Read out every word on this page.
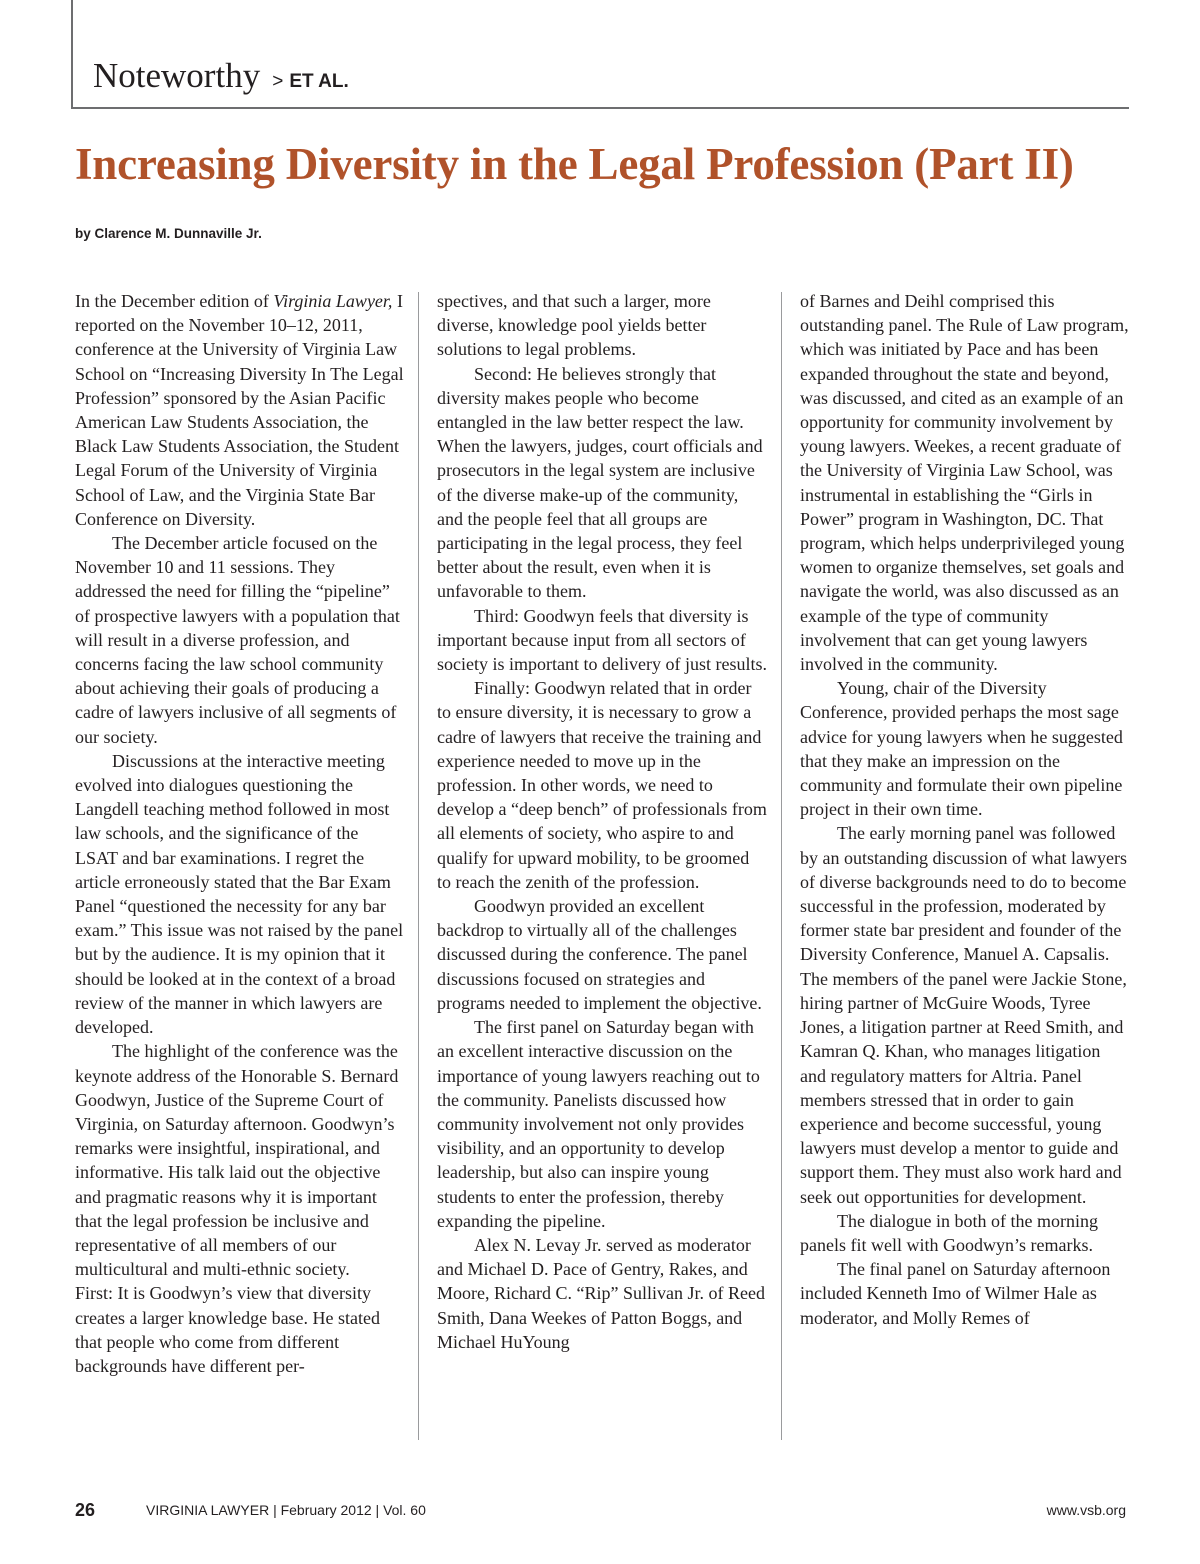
Noteworthy > ET AL.
Increasing Diversity in the Legal Profession (Part II)
by Clarence M. Dunnaville Jr.

In the December edition of Virginia Lawyer, I reported on the November 10–12, 2011, conference at the University of Virginia Law School on “Increasing Diversity In The Legal Profession” sponsored by the Asian Pacific American Law Students Association, the Black Law Students Association, the Student Legal Forum of the University of Virginia School of Law, and the Virginia State Bar Conference on Diversity.

The December article focused on the November 10 and 11 sessions. They addressed the need for filling the “pipeline” of prospective lawyers with a population that will result in a diverse profession, and concerns facing the law school community about achieving their goals of producing a cadre of lawyers inclusive of all segments of our society.

Discussions at the interactive meeting evolved into dialogues questioning the Langdell teaching method followed in most law schools, and the significance of the LSAT and bar examinations. I regret the article erroneously stated that the Bar Exam Panel “questioned the necessity for any bar exam.” This issue was not raised by the panel but by the audience. It is my opinion that it should be looked at in the context of a broad review of the manner in which lawyers are developed.

The highlight of the conference was the keynote address of the Honorable S. Bernard Goodwyn, Justice of the Supreme Court of Virginia, on Saturday afternoon. Goodwyn’s remarks were insightful, inspirational, and informative. His talk laid out the objective and pragmatic reasons why it is important that the legal profession be inclusive and representative of all members of our multicultural and multi-ethnic society.

First: It is Goodwyn’s view that diversity creates a larger knowledge base. He stated that people who come from different backgrounds have different per-

spectives, and that such a larger, more diverse, knowledge pool yields better solutions to legal problems.

Second: He believes strongly that diversity makes people who become entangled in the law better respect the law. When the lawyers, judges, court officials and prosecutors in the legal system are inclusive of the diverse make-up of the community, and the people feel that all groups are participating in the legal process, they feel better about the result, even when it is unfavorable to them.

Third: Goodwyn feels that diversity is important because input from all sectors of society is important to delivery of just results.

Finally: Goodwyn related that in order to ensure diversity, it is necessary to grow a cadre of lawyers that receive the training and experience needed to move up in the profession. In other words, we need to develop a “deep bench” of professionals from all elements of society, who aspire to and qualify for upward mobility, to be groomed to reach the zenith of the profession.

Goodwyn provided an excellent backdrop to virtually all of the challenges discussed during the conference. The panel discussions focused on strategies and programs needed to implement the objective.

The first panel on Saturday began with an excellent interactive discussion on the importance of young lawyers reaching out to the community. Panelists discussed how community involvement not only provides visibility, and an opportunity to develop leadership, but also can inspire young students to enter the profession, thereby expanding the pipeline.

Alex N. Levay Jr. served as moderator and Michael D. Pace of Gentry, Rakes, and Moore, Richard C. “Rip” Sullivan Jr. of Reed Smith, Dana Weekes of Patton Boggs, and Michael HuYoung

of Barnes and Deihl comprised this outstanding panel. The Rule of Law program, which was initiated by Pace and has been expanded throughout the state and beyond, was discussed, and cited as an example of an opportunity for community involvement by young lawyers. Weekes, a recent graduate of the University of Virginia Law School, was instrumental in establishing the “Girls in Power” program in Washington, DC. That program, which helps underprivileged young women to organize themselves, set goals and navigate the world, was also discussed as an example of the type of community involvement that can get young lawyers involved in the community.

Young, chair of the Diversity Conference, provided perhaps the most sage advice for young lawyers when he suggested that they make an impression on the community and formulate their own pipeline project in their own time.

The early morning panel was followed by an outstanding discussion of what lawyers of diverse backgrounds need to do to become successful in the profession, moderated by former state bar president and founder of the Diversity Conference, Manuel A. Capsalis. The members of the panel were Jackie Stone, hiring partner of McGuire Woods, Tyree Jones, a litigation partner at Reed Smith, and Kamran Q. Khan, who manages litigation and regulatory matters for Altria. Panel members stressed that in order to gain experience and become successful, young lawyers must develop a mentor to guide and support them. They must also work hard and seek out opportunities for development.

The dialogue in both of the morning panels fit well with Goodwyn’s remarks.

The final panel on Saturday afternoon included Kenneth Imo of Wilmer Hale as moderator, and Molly Remes of

26	VIRGINIA LAWYER | February 2012 | Vol. 60	www.vsb.org
